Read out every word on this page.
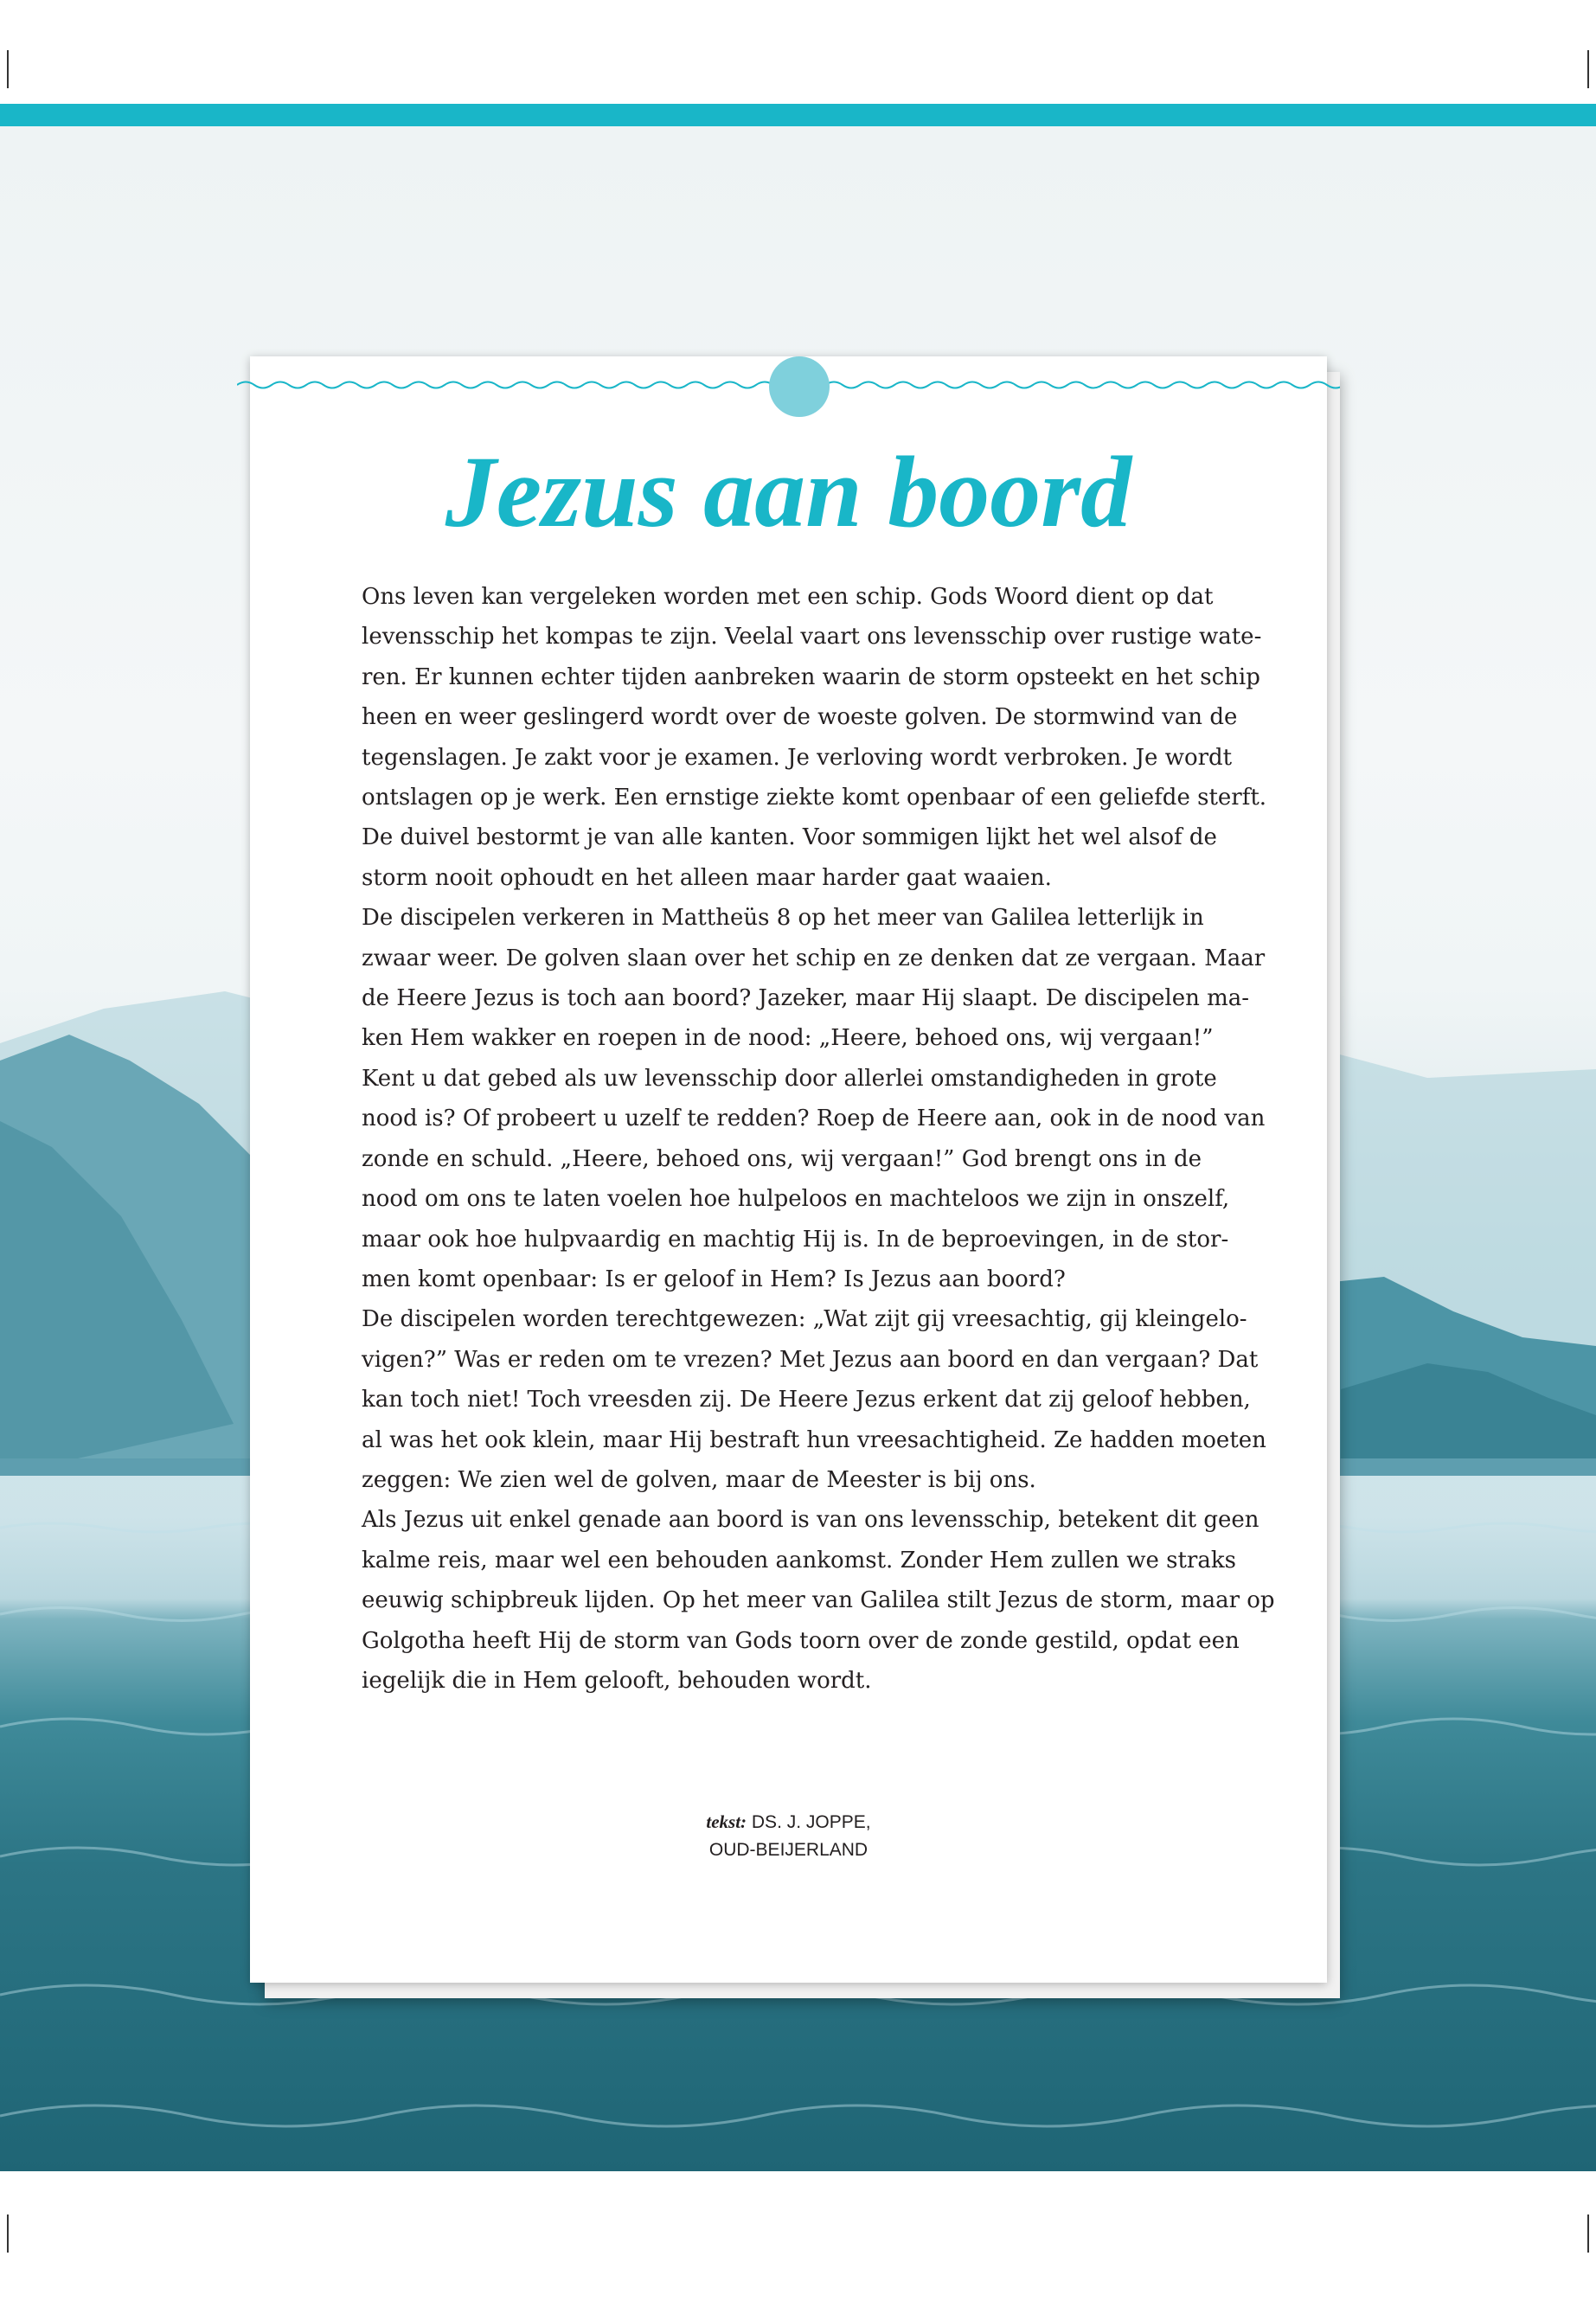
Jezus aan boord
Ons leven kan vergeleken worden met een schip. Gods Woord dient op dat
levensschip het kompas te zijn. Veelal vaart ons levensschip over rustige wate-
ren. Er kunnen echter tijden aanbreken waarin de storm opsteekt en het schip
heen en weer geslingerd wordt over de woeste golven. De stormwind van de
tegenslagen. Je zakt voor je examen. Je verloving wordt verbroken. Je wordt
ontslagen op je werk. Een ernstige ziekte komt openbaar of een geliefde sterft.
De duivel bestormt je van alle kanten. Voor sommigen lijkt het wel alsof de
storm nooit ophoudt en het alleen maar harder gaat waaien.
De discipelen verkeren in Mattheüs 8 op het meer van Galilea letterlijk in
zwaar weer. De golven slaan over het schip en ze denken dat ze vergaan. Maar
de Heere Jezus is toch aan boord? Jazeker, maar Hij slaapt. De discipelen ma-
ken Hem wakker en roepen in de nood: „Heere, behoed ons, wij vergaan!”
Kent u dat gebed als uw levensschip door allerlei omstandigheden in grote
nood is? Of probeert u uzelf te redden? Roep de Heere aan, ook in de nood van
zonde en schuld. „Heere, behoed ons, wij vergaan!” God brengt ons in de
nood om ons te laten voelen hoe hulpeloos en machteloos we zijn in onszelf,
maar ook hoe hulpvaardig en machtig Hij is. In de beproevingen, in de stor-
men komt openbaar: Is er geloof in Hem? Is Jezus aan boord?
De discipelen worden terechtgewezen: „Wat zijt gij vreesachtig, gij kleingelo-
vigen?” Was er reden om te vrezen? Met Jezus aan boord en dan vergaan? Dat
kan toch niet! Toch vreesden zij. De Heere Jezus erkent dat zij geloof hebben,
al was het ook klein, maar Hij bestraft hun vreesachtigheid. Ze hadden moeten
zeggen: We zien wel de golven, maar de Meester is bij ons.
Als Jezus uit enkel genade aan boord is van ons levensschip, betekent dit geen
kalme reis, maar wel een behouden aankomst. Zonder Hem zullen we straks
eeuwig schipbreuk lijden. Op het meer van Galilea stilt Jezus de storm, maar op
Golgotha heeft Hij de storm van Gods toorn over de zonde gestild, opdat een
iegelijk die in Hem gelooft, behouden wordt.
tekst: DS. J. JOPPE,
OUD-BEIJERLAND
